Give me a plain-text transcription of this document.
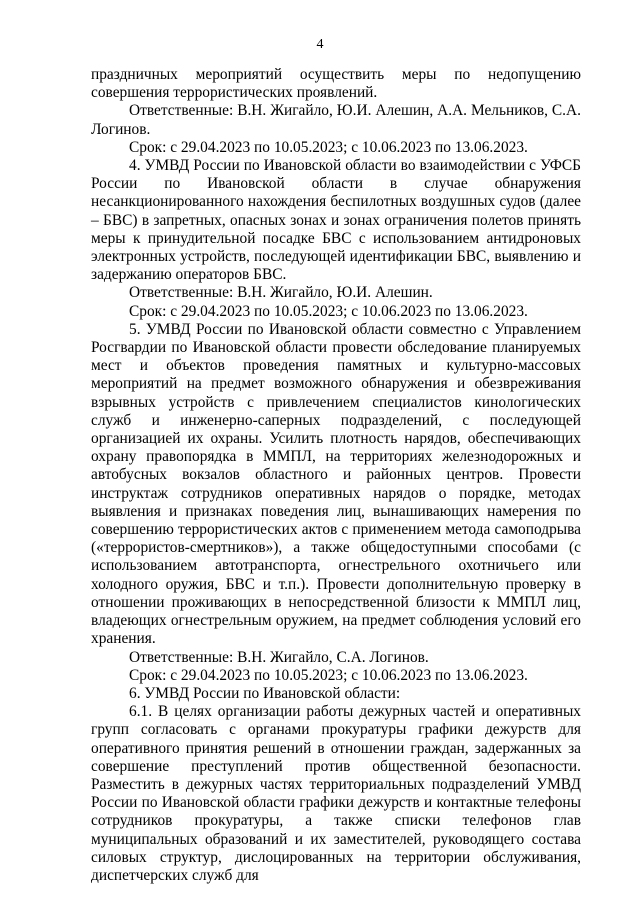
4

праздничных мероприятий осуществить меры по недопущению совершения террористических проявлений.

Ответственные: В.Н. Жигайло, Ю.И. Алешин, А.А. Мельников, С.А. Логинов.

Срок: с 29.04.2023 по 10.05.2023; с 10.06.2023 по 13.06.2023.

4. УМВД России по Ивановской области во взаимодействии с УФСБ России по Ивановской области в случае обнаружения несанкционированного нахождения беспилотных воздушных судов (далее – БВС) в запретных, опасных зонах и зонах ограничения полетов принять меры к принудительной посадке БВС с использованием антидроновых электронных устройств, последующей идентификации БВС, выявлению и задержанию операторов БВС.

Ответственные: В.Н. Жигайло, Ю.И. Алешин.

Срок: с 29.04.2023 по 10.05.2023; с 10.06.2023 по 13.06.2023.

5. УМВД России по Ивановской области совместно с Управлением Росгвардии по Ивановской области провести обследование планируемых мест и объектов проведения памятных и культурно-массовых мероприятий на предмет возможного обнаружения и обезвреживания взрывных устройств с привлечением специалистов кинологических служб и инженерно-саперных подразделений, с последующей организацией их охраны. Усилить плотность нарядов, обеспечивающих охрану правопорядка в ММПЛ, на территориях железнодорожных и автобусных вокзалов областного и районных центров. Провести инструктаж сотрудников оперативных нарядов о порядке, методах выявления и признаках поведения лиц, вынашивающих намерения по совершению террористических актов с применением метода самоподрыва («террористов-смертников»), а также общедоступными способами (с использованием автотранспорта, огнестрельного охотничьего или холодного оружия, БВС и т.п.). Провести дополнительную проверку в отношении проживающих в непосредственной близости к ММПЛ лиц, владеющих огнестрельным оружием, на предмет соблюдения условий его хранения.

Ответственные: В.Н. Жигайло, С.А. Логинов.

Срок: с 29.04.2023 по 10.05.2023; с 10.06.2023 по 13.06.2023.

6. УМВД России по Ивановской области:

6.1. В целях организации работы дежурных частей и оперативных групп согласовать с органами прокуратуры графики дежурств для оперативного принятия решений в отношении граждан, задержанных за совершение преступлений против общественной безопасности. Разместить в дежурных частях территориальных подразделений УМВД России по Ивановской области графики дежурств и контактные телефоны сотрудников прокуратуры, а также списки телефонов глав муниципальных образований и их заместителей, руководящего состава силовых структур, дислоцированных на территории обслуживания, диспетчерских служб для
